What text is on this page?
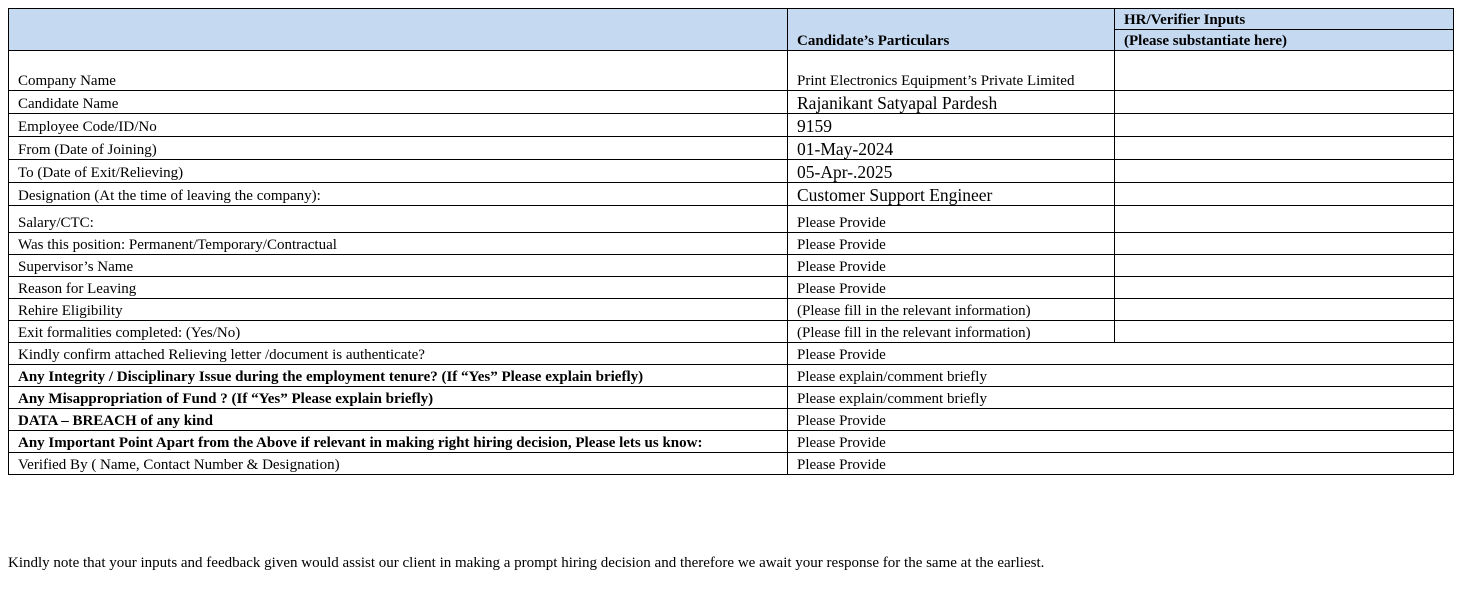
	Candidate’s Particulars	HR/Verifier Inputs
		(Please substantiate here)
Company Name	Print Electronics Equipment’s Private Limited	
Candidate Name	Rajanikant Satyapal Pardesh	
Employee Code/ID/No	9159	
From (Date of Joining)	01-May-2024	
To (Date of Exit/Relieving)	05-Apr-.2025	
Designation (At the time of leaving the company):	Customer Support Engineer	
Salary/CTC:	Please Provide	
Was this position: Permanent/Temporary/Contractual	Please Provide	
Supervisor’s Name	Please Provide	
Reason for Leaving	Please Provide	
Rehire Eligibility	(Please fill in the relevant information)	
Exit formalities completed: (Yes/No)	(Please fill in the relevant information)	
Kindly confirm attached Relieving letter /document is authenticate?	Please Provide	
Any Integrity / Disciplinary Issue during the employment tenure? (If “Yes” Please explain briefly)	Please explain/comment briefly	
Any Misappropriation of Fund ? (If “Yes” Please explain briefly)	Please explain/comment briefly	
DATA – BREACH of any kind	Please Provide	
Any Important Point Apart from the Above if relevant in making right hiring decision, Please lets us know:	Please Provide	
Verified By ( Name, Contact Number & Designation)	Please Provide	
Kindly note that your inputs and feedback given would assist our client in making a prompt hiring decision and therefore we await your response for the same at the earliest.
